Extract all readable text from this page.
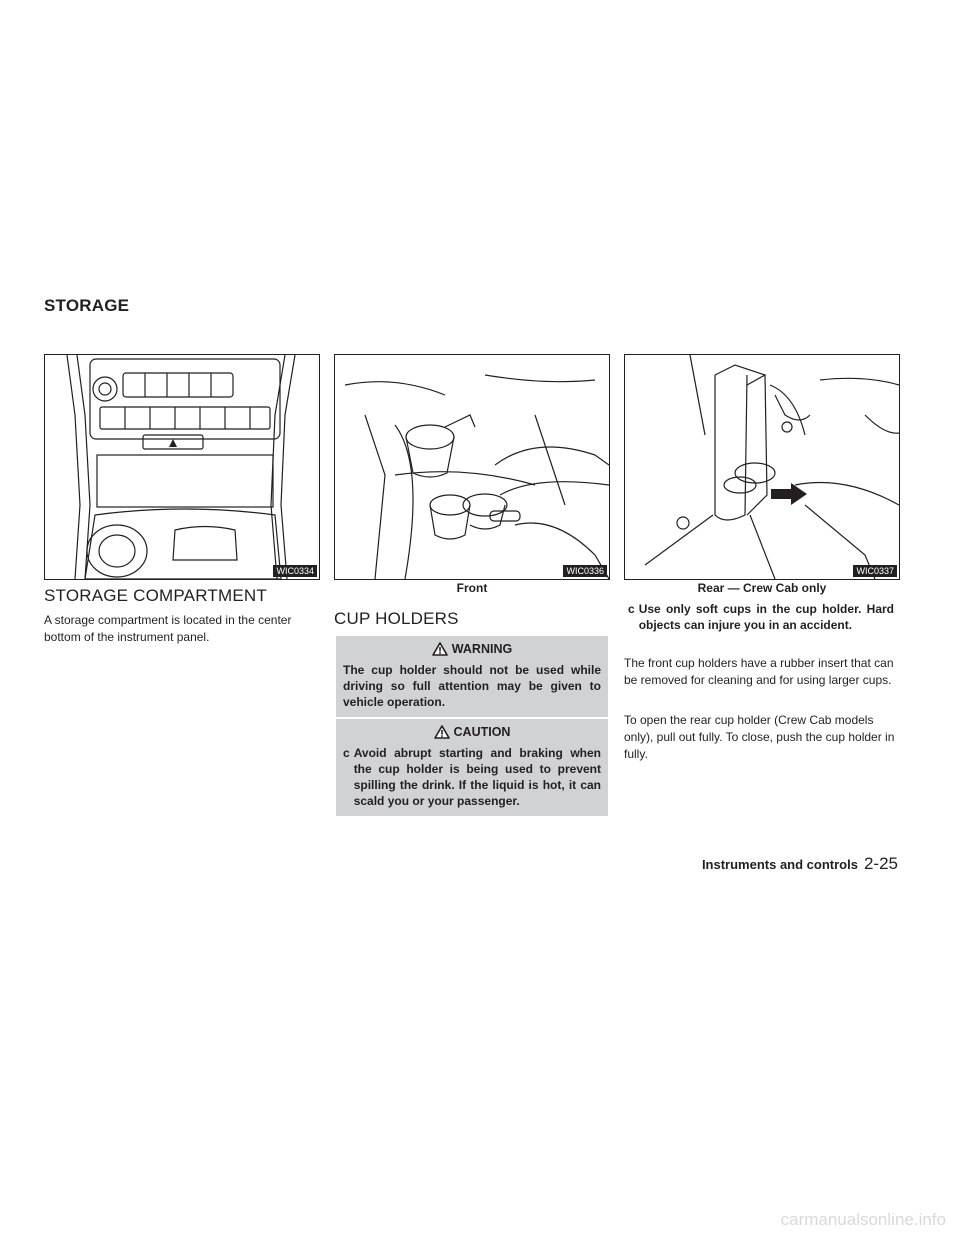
STORAGE
WIC0334	WIC0336
Front
WIC0337
Rear — Crew Cab only
STORAGE COMPARTMENT
A storage compartment is located in the center bottom of the instrument panel.
CUP HOLDERS
WARNING
The cup holder should not be used while driving so full attention may be given to vehicle operation.
CAUTION
c Avoid abrupt starting and braking when the cup holder is being used to prevent spilling the drink. If the liquid is hot, it can scald you or your passenger.
c Use only soft cups in the cup holder. Hard objects can injure you in an accident.
The front cup holders have a rubber insert that can be removed for cleaning and for using larger cups.
To open the rear cup holder (Crew Cab models only), pull out fully. To close, push the cup holder in fully.
Instruments and controls 2-25
carmanualsonline.info
